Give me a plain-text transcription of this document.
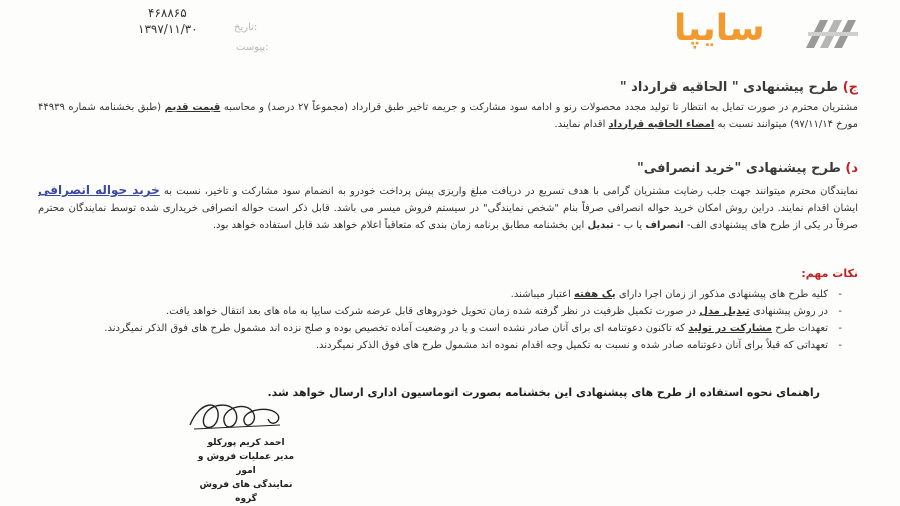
۴۶۸۸۶۵
تاریخ:
۱۳۹۷/۱۱/۳۰
پیوست:	سایپا
ج) طرح پیشنهادی " الحاقیه قرارداد "
مشتریان محترم در صورت تمایل به انتظار تا تولید مجدد محصولات رنو و ادامه سود مشارکت و جریمه تاخیر طبق قرارداد (مجموعاً ۲۷ درصد) و محاسبه قیمت قدیم (طبق بخشنامه شماره ۴۴۹۳۹ مورخ ۹۷/۱۱/۱۴) میتوانند نسبت به امضاء الحاقیه قرارداد اقدام نمایند.
د) طرح پیشنهادی "خرید انصرافی"
نمایندگان محترم میتوانند جهت جلب رضایت مشتریان گرامی با هدف تسریع در دریافت مبلغ واریزی پیش پرداخت خودرو به انضمام سود مشارکت و تاخیر، نسبت به خرید حواله انصرافی ایشان اقدام نمایند. دراین روش امکان خرید حواله انصرافی صرفاً بنام "شخص نمایندگی" در سیستم فروش میسر می باشد. قابل ذکر است حواله انصرافی خریداری شده توسط نمایندگان محترم صرفاً در یکی از طرح های پیشنهادی الف- انصراف یا ب - تبدیل این بخشنامه مطابق برنامه زمان بندی که متعاقباً اعلام خواهد شد قابل استفاده خواهد بود.
نکات مهم:
- کلیه طرح های پیشنهادی مذکور از زمان اجرا دارای یک هفته اعتبار میباشند.
- در روش پیشنهادی تبدیل مدل در صورت تکمیل ظرفیت در نظر گرفته شده زمان تحویل خودروهای قابل عرضه شرکت سایپا به ماه های بعد انتقال خواهد یافت.
- تعهدات طرح مشارکت در تولید که تاکنون دعوتنامه ای برای آنان صادر نشده است و یا در وضعیت آماده تخصیص بوده و صلح نزده اند مشمول طرح های فوق الذکر نمیگردند.
- تعهداتی که قبلاً برای آنان دعوتنامه صادر شده و نسبت به تکمیل وجه اقدام نموده اند مشمول طرح های فوق الذکر نمیگردند.
راهنمای نحوه استفاده از طرح های پیشنهادی این بخشنامه بصورت اتوماسیون اداری ارسال خواهد شد.
احمد کریم پورکلو
مدیر عملیات فروش و امور
نمایندگی های فروش گروه
